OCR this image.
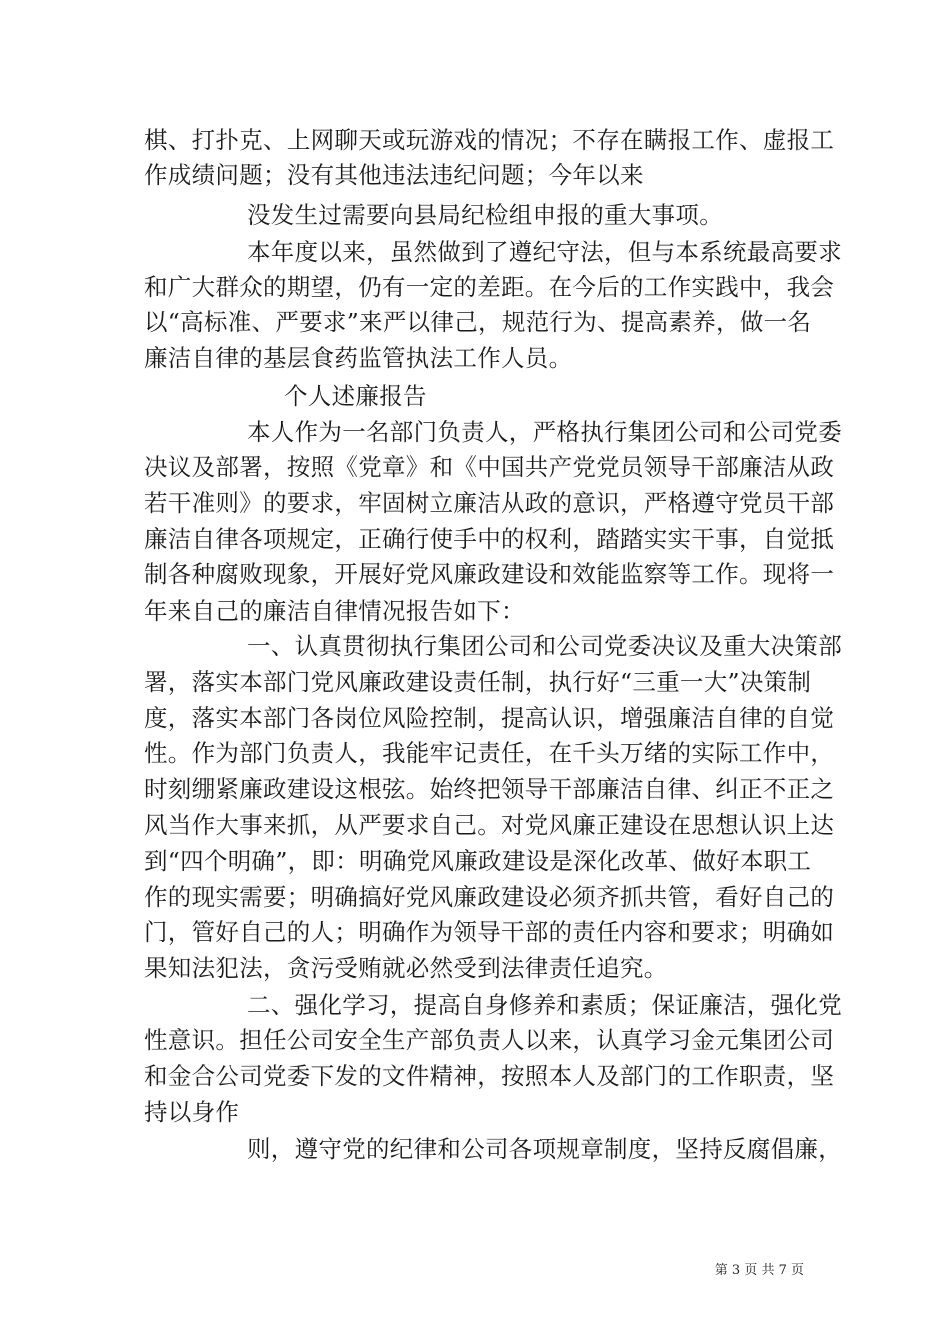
棋、打扑克、上网聊天或玩游戏的情况；不存在瞒报工作、虚报工
作成绩问题；没有其他违法违纪问题；今年以来
没发生过需要向县局纪检组申报的重大事项。
本年度以来，虽然做到了遵纪守法，但与本系统最高要求
和广大群众的期望，仍有一定的差距。在今后的工作实践中，我会
以“高标准、严要求”来严以律己，规范行为、提高素养，做一名
廉洁自律的基层食药监管执法工作人员。
个人述廉报告
本人作为一名部门负责人，严格执行集团公司和公司党委
决议及部署，按照《党章》和《中国共产党党员领导干部廉洁从政
若干准则》的要求，牢固树立廉洁从政的意识，严格遵守党员干部
廉洁自律各项规定，正确行使手中的权利，踏踏实实干事，自觉抵
制各种腐败现象，开展好党风廉政建设和效能监察等工作。现将一
年来自己的廉洁自律情况报告如下：
一、认真贯彻执行集团公司和公司党委决议及重大决策部
署，落实本部门党风廉政建设责任制，执行好“三重一大”决策制
度，落实本部门各岗位风险控制，提高认识，增强廉洁自律的自觉
性。作为部门负责人，我能牢记责任，在千头万绪的实际工作中，
时刻绷紧廉政建设这根弦。始终把领导干部廉洁自律、纠正不正之
风当作大事来抓，从严要求自己。对党风廉正建设在思想认识上达
到“四个明确”，即：明确党风廉政建设是深化改革、做好本职工
作的现实需要；明确搞好党风廉政建设必须齐抓共管，看好自己的
门，管好自己的人；明确作为领导干部的责任内容和要求；明确如
果知法犯法，贪污受贿就必然受到法律责任追究。
二、强化学习，提高自身修养和素质；保证廉洁，强化党
性意识。担任公司安全生产部负责人以来，认真学习金元集团公司
和金合公司党委下发的文件精神，按照本人及部门的工作职责，坚
持以身作
则，遵守党的纪律和公司各项规章制度，坚持反腐倡廉，
第 3 页 共 7 页
